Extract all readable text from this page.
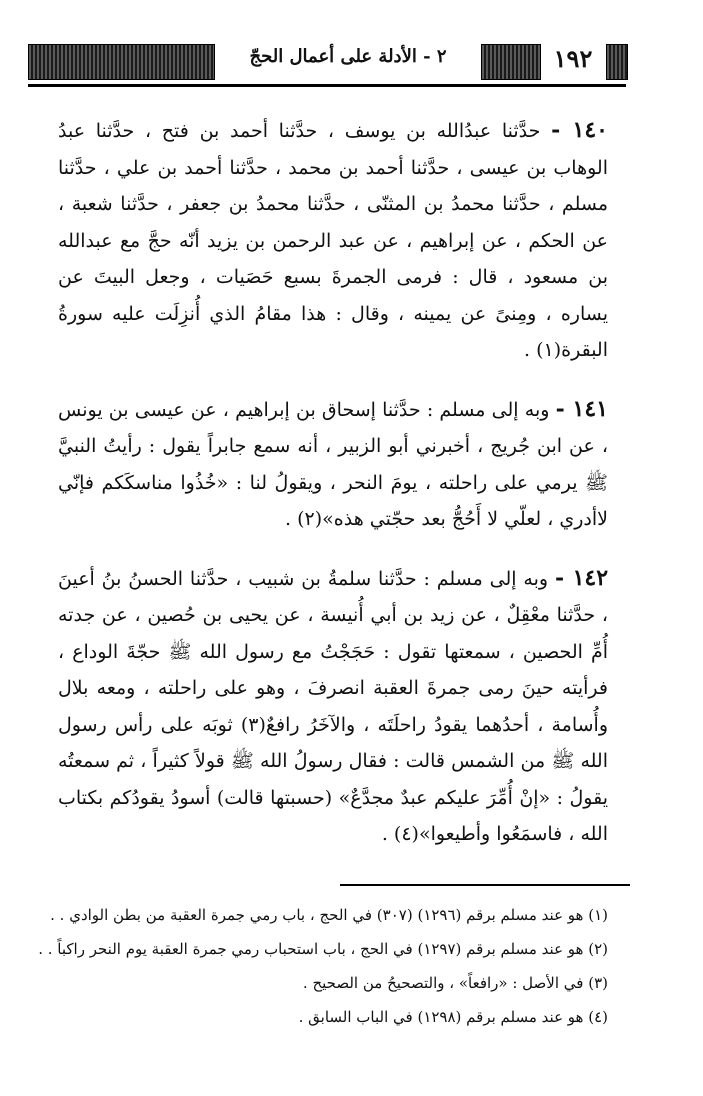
٢ - الأدلة على أعمال الحجّ	١٩٢

١٤٠ - حدَّثنا عبدُالله بن يوسف ، حدَّثنا أحمد بن فتح ، حدَّثنا عبدُ الوهاب بن عيسى ، حدَّثنا أحمد بن محمد ، حدَّثنا أحمد بن علي ، حدَّثنا مسلم ، حدَّثنا محمدُ بن المثنّى ، حدَّثنا محمدُ بن جعفر ، حدَّثنا شعبة ، عن الحكم ، عن إبراهيم ، عن عبد الرحمن بن يزيد أنّه حجَّ مع عبدالله بن مسعود ، قال : فرمى الجمرةَ بسبع حَصَيات ، وجعل البيتَ عن يساره ، ومِنىً عن يمينه ، وقال : هذا مقامُ الذي أُنزِلَت عليه سورةُ البقرة(١) .

١٤١ - وبه إلى مسلم : حدَّثنا إسحاق بن إبراهيم ، عن عيسى بن يونس ، عن ابن جُريج ، أخبرني أبو الزبير ، أنه سمع جابراً يقول : رأيتُ النبيَّ ﷺ يرمي على راحلته ، يومَ النحر ، ويقولُ لنا : «خُذُوا مناسكَكم فإنّي لاأدري ، لعلّي لا أَحُجُّ بعد حجّتي هذه»(٢) .

١٤٢ - وبه إلى مسلم : حدَّثنا سلمةُ بن شبيب ، حدَّثنا الحسنُ بنُ أعينَ ، حدَّثنا معْقِلٌ ، عن زيد بن أبي أُنيسة ، عن يحيى بن حُصين ، عن جدته أُمِّ الحصين ، سمعتها تقول : حَجَجْتُ مع رسول الله ﷺ حجّةَ الوداع ، فرأيته حينَ رمى جمرةَ العقبة انصرفَ ، وهو على راحلته ، ومعه بلال وأُسامة ، أحدُهما يقودُ راحلَتَه ، والآخَرُ رافعٌ(٣) ثوبَه على رأس رسول الله ﷺ من الشمس قالت : فقال رسولُ الله ﷺ قولاً كثيراً ، ثم سمعتُه يقولُ : «إنْ أُمِّرَ عليكم عبدٌ مجدَّعٌ» (حسبتها قالت) أسودُ يقودُكم بكتاب الله ، فاسمَعُوا وأطيعوا»(٤) .

(١) هو عند مسلم برقم (١٢٩٦) (٣٠٧) في الحج ، باب رمي جمرة العقبة من بطن الوادي . .

(٢) هو عند مسلم برقم (١٢٩٧) في الحج ، باب استحباب رمي جمرة العقبة يوم النحر راكباً . .

(٣) في الأصل : «رافعاً» ، والتصحيحُ من الصحيح .

(٤) هو عند مسلم برقم (١٢٩٨) في الباب السابق .
